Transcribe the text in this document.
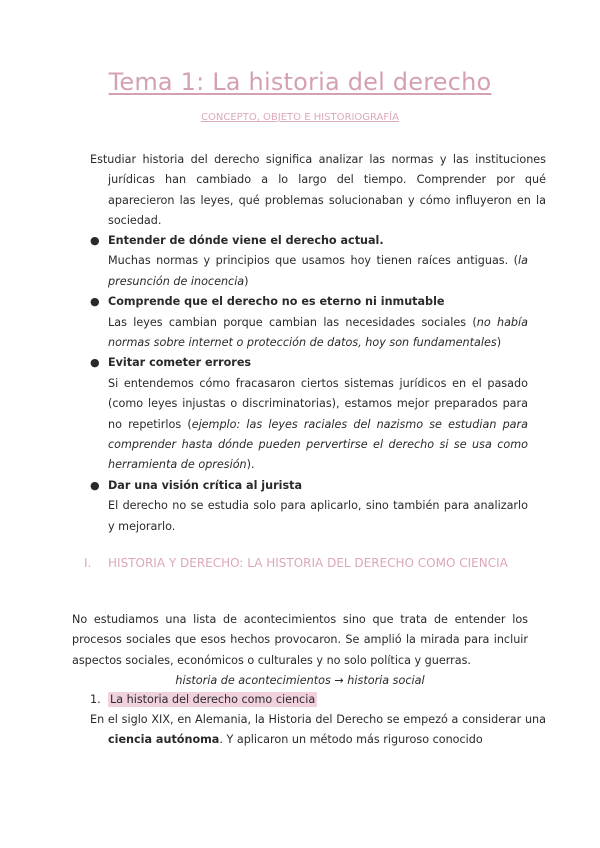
Tema 1: La historia del derecho
CONCEPTO, OBJETO E HISTORIOGRAFÍA
Estudiar historia del derecho significa analizar las normas y las instituciones jurídicas han cambiado a lo largo del tiempo. Comprender por qué aparecieron las leyes, qué problemas solucionaban y cómo influyeron en la sociedad.
● Entender de dónde viene el derecho actual.
Muchas normas y principios que usamos hoy tienen raíces antiguas. (la presunción de inocencia)
● Comprende que el derecho no es eterno ni inmutable
Las leyes cambian porque cambian las necesidades sociales (no había normas sobre internet o protección de datos, hoy son fundamentales)
● Evitar cometer errores
Si entendemos cómo fracasaron ciertos sistemas jurídicos en el pasado (como leyes injustas o discriminatorias), estamos mejor preparados para no repetirlos (ejemplo: las leyes raciales del nazismo se estudian para comprender hasta dónde pueden pervertirse el derecho si se usa como herramienta de opresión).
● Dar una visión crítica al jurista
El derecho no se estudia solo para aplicarlo, sino también para analizarlo y mejorarlo.
I. HISTORIA Y DERECHO: LA HISTORIA DEL DERECHO COMO CIENCIA
No estudiamos una lista de acontecimientos sino que trata de entender los procesos sociales que esos hechos provocaron. Se amplió la mirada para incluir aspectos sociales, económicos o culturales y no solo política y guerras.
historia de acontecimientos → historia social
1. La historia del derecho como ciencia
En el siglo XIX, en Alemania, la Historia del Derecho se empezó a considerar una ciencia autónoma. Y aplicaron un método más riguroso conocido
